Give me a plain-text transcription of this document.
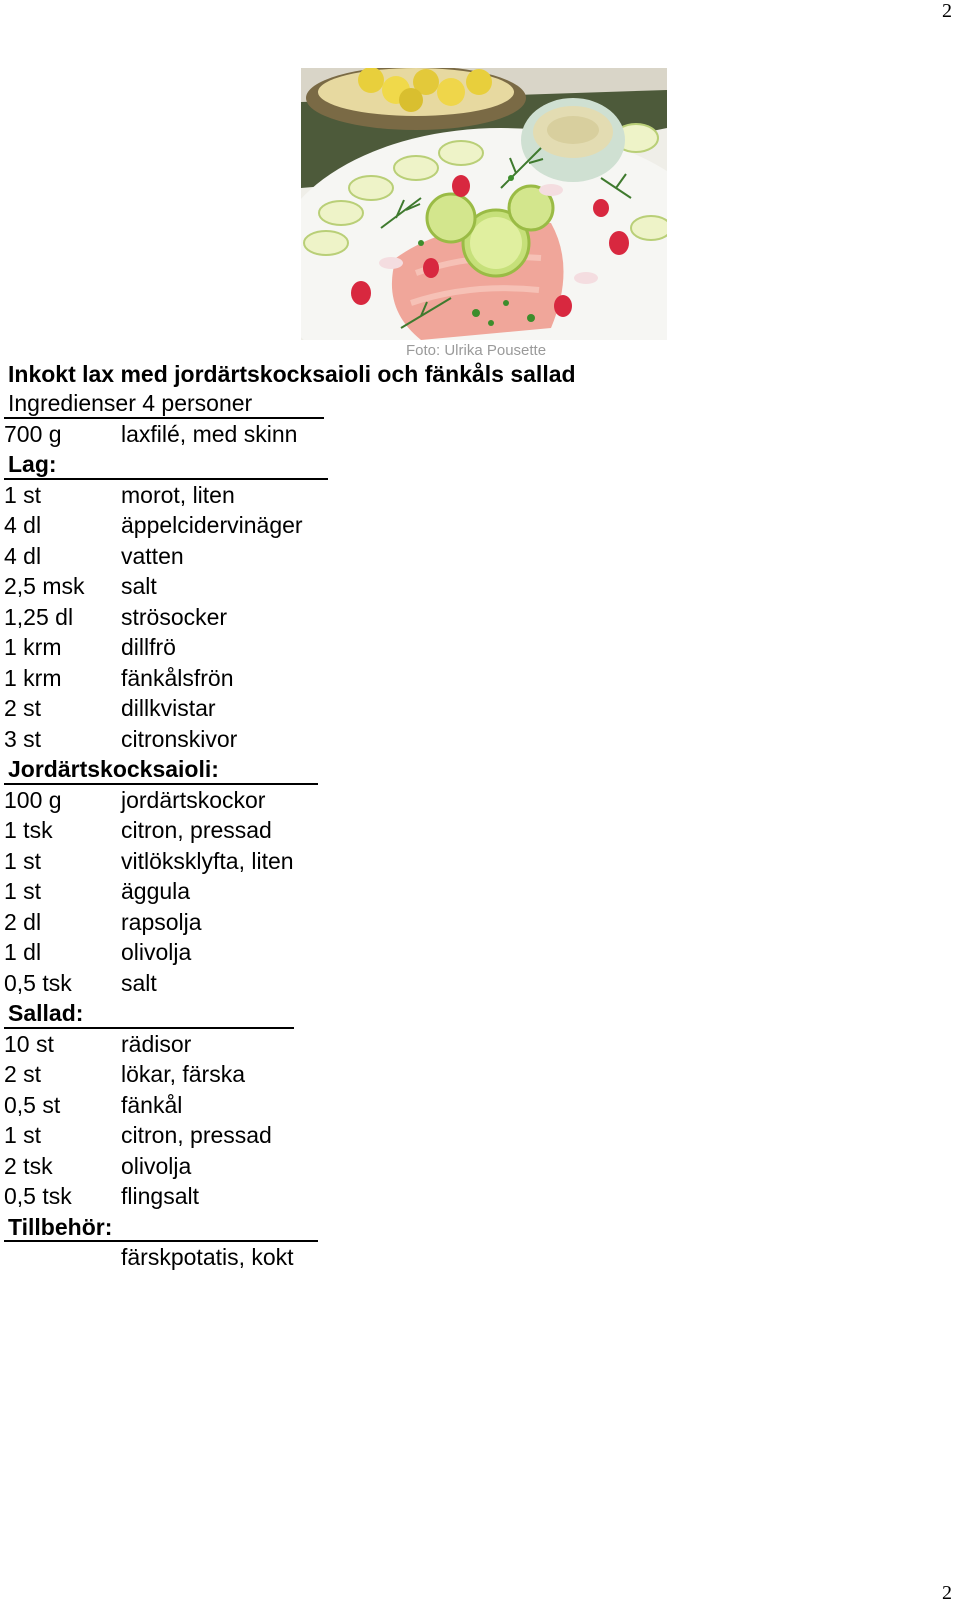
2
Foto: Ulrika Pousette
Inkokt lax med jordärtskocksaioli och fänkåls sallad
Ingredienser 4 personer
700 g	laxfilé, med skinn
Lag:
1 st	morot, liten
4 dl	äppelcidervinäger
4 dl	vatten
2,5 msk salt
1,25 dl strösocker
1 krm	dillfrö
1 krm	fänkålsfrön
2 st	dillkvistar
3 st	citronskivor
Jordärtskocksaioli:
100 g	jordärtskockor
1 tsk	citron, pressad
1 st	vitlöksklyfta, liten
1 st	äggula
2 dl	rapsolja
1 dl	olivolja
0,5 tsk salt
Sallad:
10 st	rädisor
2 st	lökar, färska
0,5 st	fänkål
1 st	citron, pressad
2 tsk	olivolja
0,5 tsk flingsalt
Tillbehör:
färskpotatis, kokt
2
